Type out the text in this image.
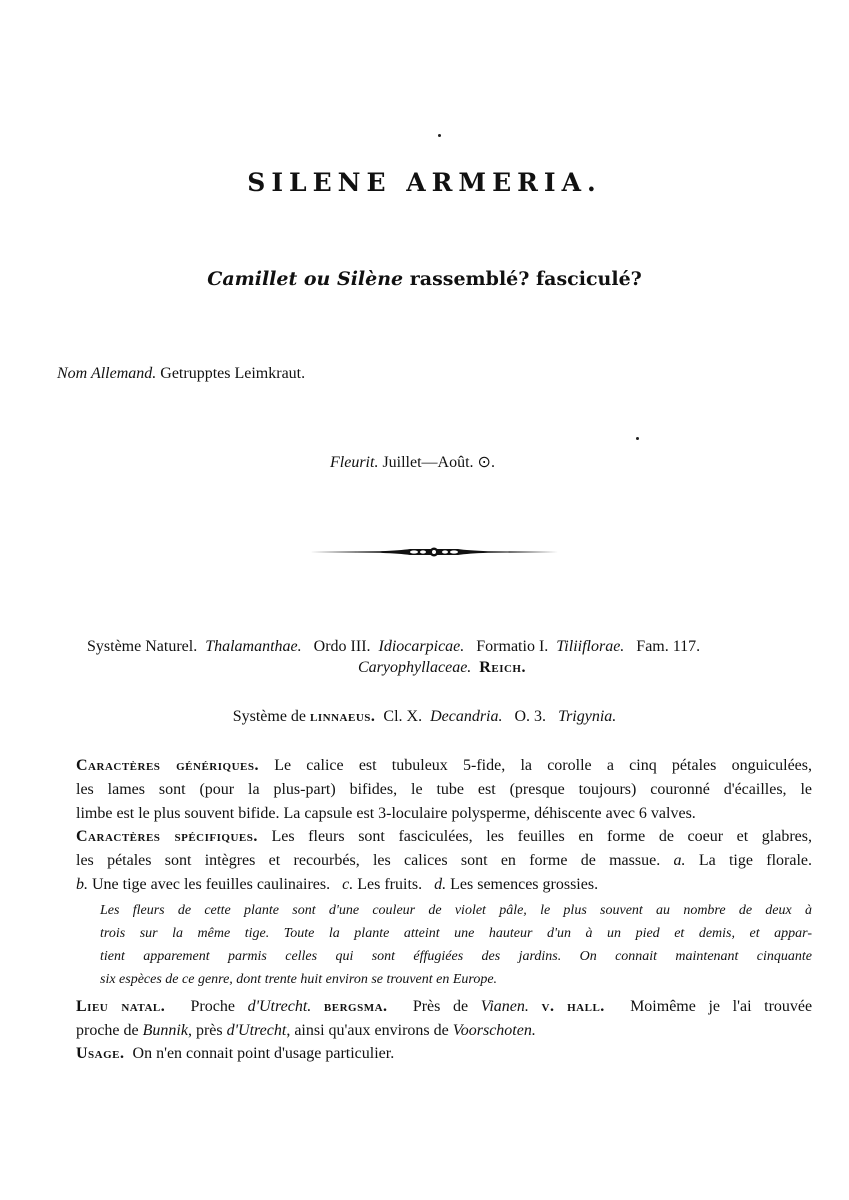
SILENE ARMERIA.
Camillet ou Silène rassemblé? fasciculé?
Nom Allemand. Getrupptes Leimkraut.
Fleurit. Juillet—Août. ⊙.
Système Naturel. Thalamanthae. Ordo III. Idiocarpicae. Formatio I. Tiliiflorae. Fam. 117.
Caryophyllaceae. Reich.
Système de linnaeus. Cl. X. Decandria. O. 3. Trigynia.
Caractères génériques. Le calice est tubuleux 5-fide, la corolle a cinq pétales onguiculées,
les lames sont (pour la plus-part) bifides, le tube est (presque toujours) couronné d'écailles, le
limbe est le plus souvent bifide. La capsule est 3-loculaire polysperme, déhiscente avec 6 valves.
Caractères spécifiques. Les fleurs sont fasciculées, les feuilles en forme de coeur et glabres,
les pétales sont intègres et recourbés, les calices sont en forme de massue. a. La tige florale.
b. Une tige avec les feuilles caulinaires. c. Les fruits. d. Les semences grossies.
Les fleurs de cette plante sont d'une couleur de violet pâle, le plus souvent au nombre de deux à
trois sur la même tige. Toute la plante atteint une hauteur d'un à un pied et demis, et appar-
tient apparement parmis celles qui sont éffugiées des jardins. On connait maintenant cinquante
six espèces de ce genre, dont trente huit environ se trouvent en Europe.
Lieu natal. Proche d'Utrecht. bergsma. Près de Vianen. v. hall. Moimême je l'ai trouvée
proche de Bunnik, près d'Utrecht, ainsi qu'aux environs de Voorschoten.
Usage. On n'en connait point d'usage particulier.
